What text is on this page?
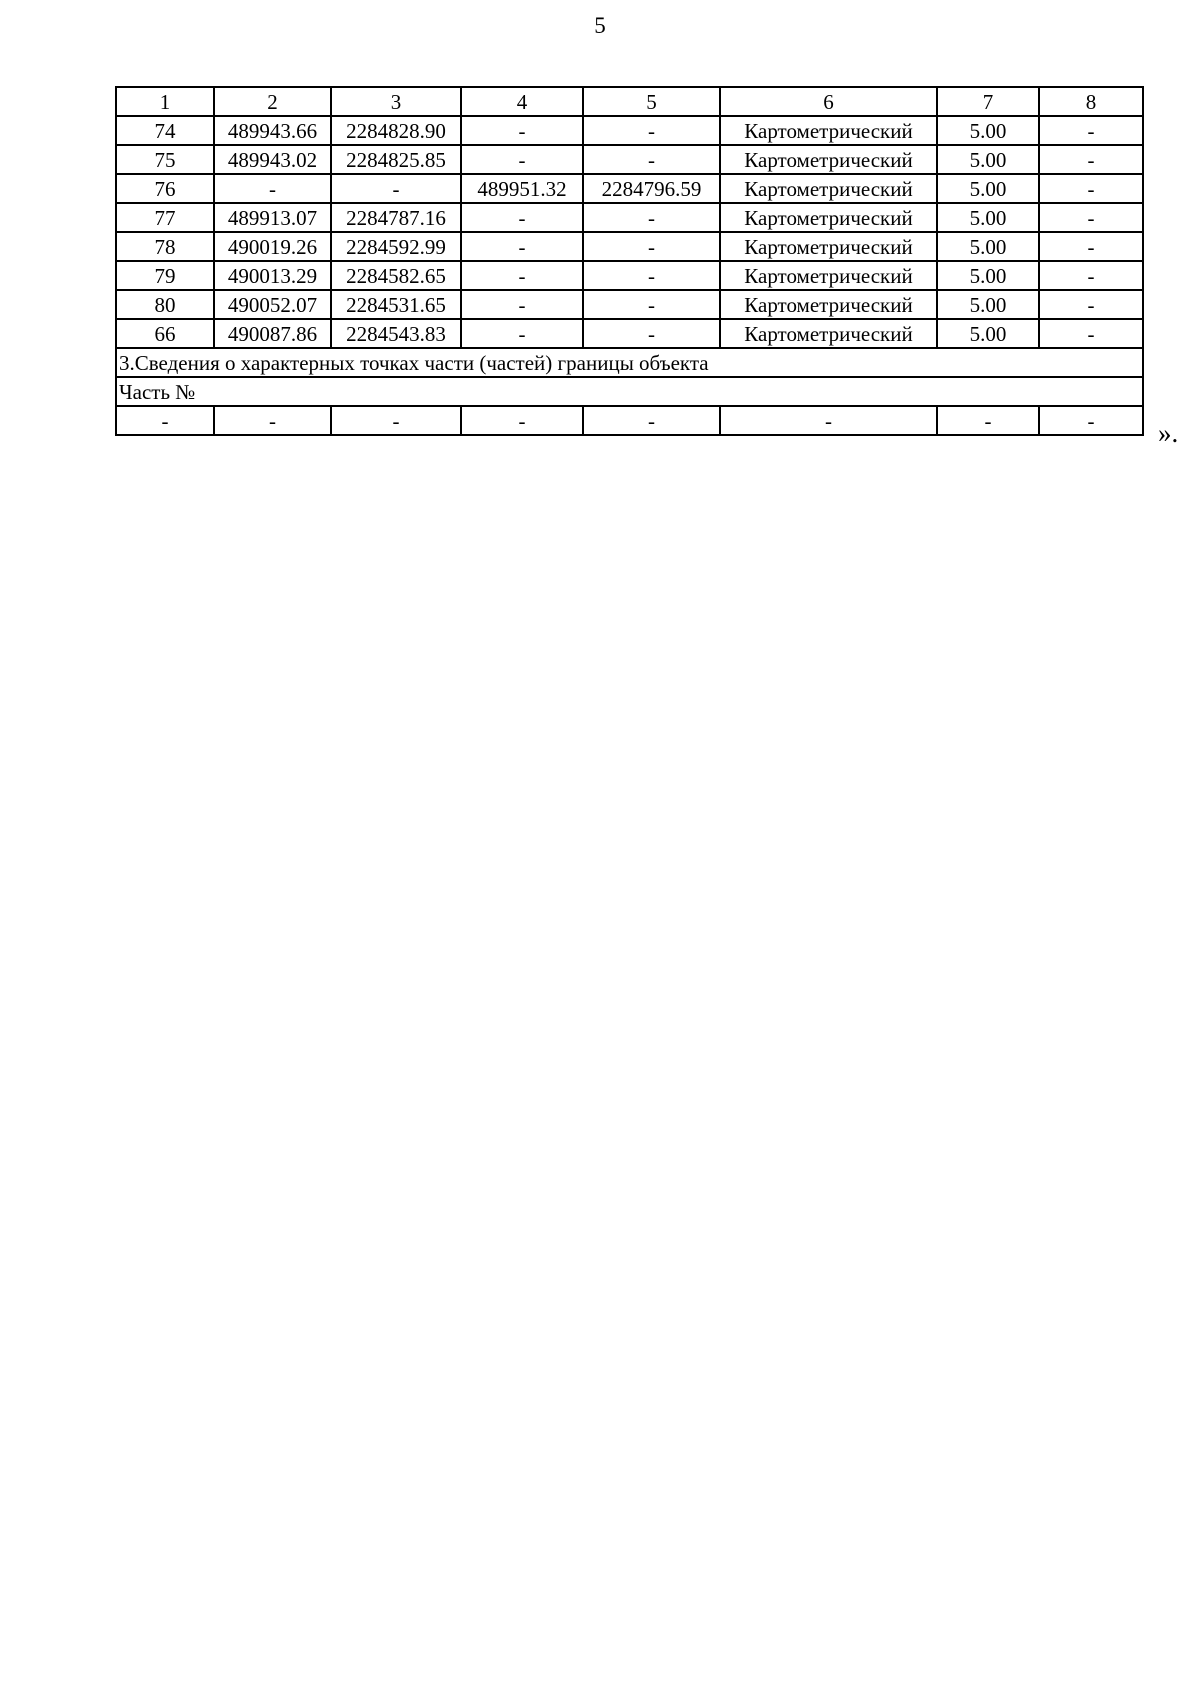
5
1	2	3	4	5	6	7	8
74	489943.66	2284828.90	-	-	Картометрический	5.00	-
75	489943.02	2284825.85	-	-	Картометрический	5.00	-
76	-	-	489951.32	2284796.59	Картометрический	5.00	-
77	489913.07	2284787.16	-	-	Картометрический	5.00	-
78	490019.26	2284592.99	-	-	Картометрический	5.00	-
79	490013.29	2284582.65	-	-	Картометрический	5.00	-
80	490052.07	2284531.65	-	-	Картометрический	5.00	-
66	490087.86	2284543.83	-	-	Картометрический	5.00	-
3.Сведения о характерных точках части (частей) границы объекта							
Часть №							
-	-	-	-	-	-	-	- ».
